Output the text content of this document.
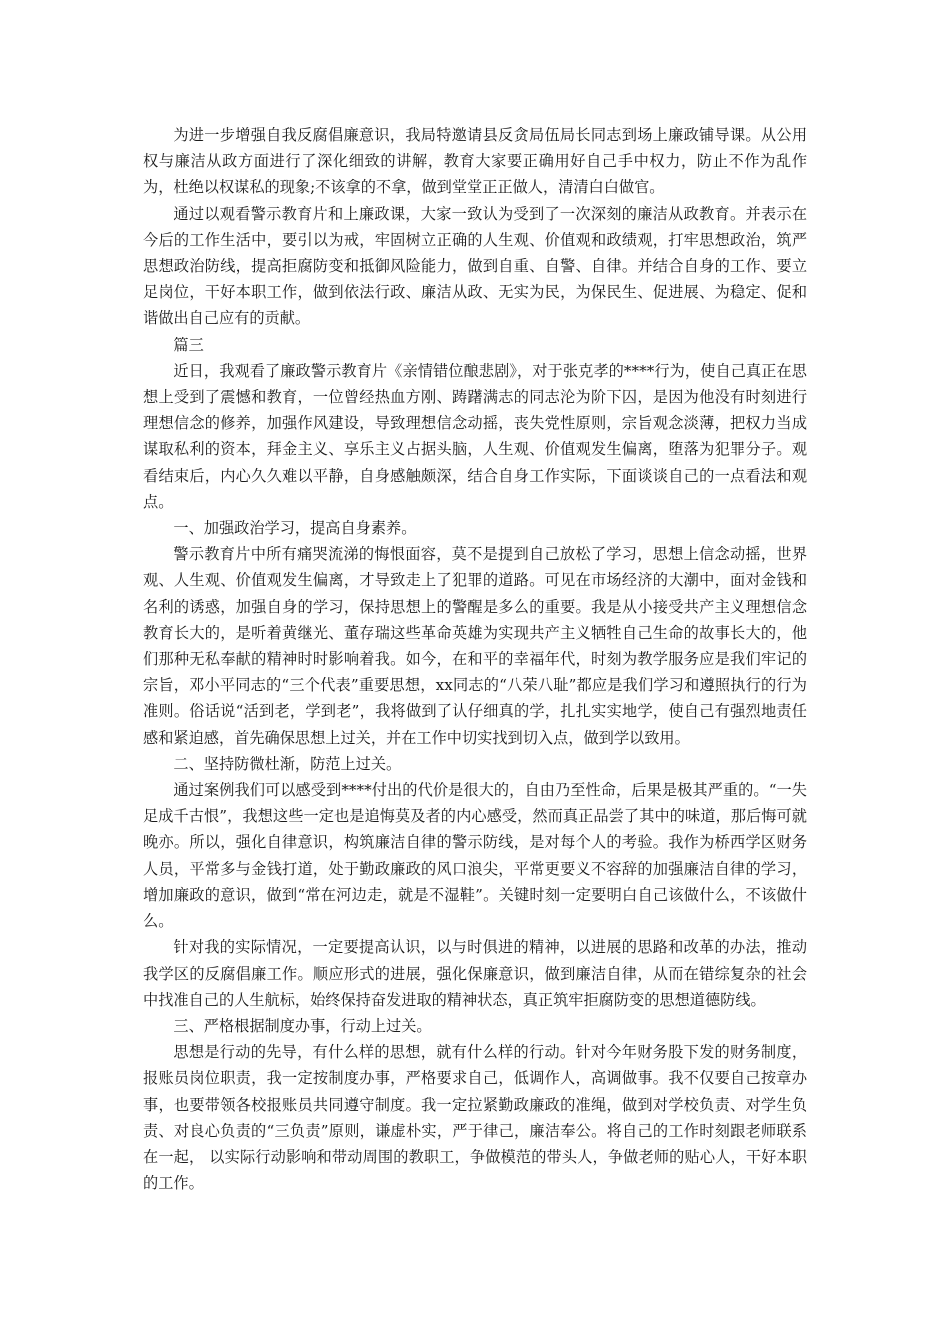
为进一步增强自我反腐倡廉意识，我局特邀请县反贪局伍局长同志到场上廉政铺导课。从公用权与廉洁从政方面进行了深化细致的讲解，教育大家要正确用好自己手中权力，防止不作为乱作为，杜绝以权谋私的现象;不该拿的不拿，做到堂堂正正做人，清清白白做官。

通过以观看警示教育片和上廉政课，大家一致认为受到了一次深刻的廉洁从政教育。并表示在今后的工作生活中，要引以为戒，牢固树立正确的人生观、价值观和政绩观，打牢思想政治，筑严思想政治防线，提高拒腐防变和抵御风险能力，做到自重、自警、自律。并结合自身的工作、要立足岗位，干好本职工作，做到依法行政、廉洁从政、无实为民，为保民生、促进展、为稳定、促和谐做出自己应有的贡献。

篇三

近日，我观看了廉政警示教育片《亲情错位酿悲剧》，对于张克孝的****行为，使自己真正在思想上受到了震憾和教育，一位曾经热血方刚、踌躇满志的同志沦为阶下囚，是因为他没有时刻进行理想信念的修养，加强作风建设，导致理想信念动摇，丧失党性原则，宗旨观念淡薄，把权力当成谋取私利的资本，拜金主义、享乐主义占据头脑，人生观、价值观发生偏离，堕落为犯罪分子。观看结束后，内心久久难以平静，自身感触颇深，结合自身工作实际，下面谈谈自己的一点看法和观点。

一、加强政治学习，提高自身素养。

警示教育片中所有痛哭流涕的悔恨面容，莫不是提到自己放松了学习，思想上信念动摇，世界观、人生观、价值观发生偏离，才导致走上了犯罪的道路。可见在市场经济的大潮中，面对金钱和名利的诱惑，加强自身的学习，保持思想上的警醒是多么的重要。我是从小接受共产主义理想信念教育长大的，是听着黄继光、董存瑞这些革命英雄为实现共产主义牺牲自己生命的故事长大的，他们那种无私奉献的精神时时影响着我。如今，在和平的幸福年代，时刻为教学服务应是我们牢记的宗旨，邓小平同志的“三个代表”重要思想，xx同志的“八荣八耻”都应是我们学习和遵照执行的行为准则。俗话说“活到老，学到老”，我将做到了认仔细真的学，扎扎实实地学，使自己有强烈地责任感和紧迫感，首先确保思想上过关，并在工作中切实找到切入点，做到学以致用。

二、坚持防微杜渐，防范上过关。

通过案例我们可以感受到****付出的代价是很大的，自由乃至性命，后果是极其严重的。“一失足成千古恨”，我想这些一定也是追悔莫及者的内心感受，然而真正品尝了其中的味道，那后悔可就晚亦。所以，强化自律意识，构筑廉洁自律的警示防线，是对每个人的考验。我作为桥西学区财务人员，平常多与金钱打道，处于勤政廉政的风口浪尖，平常更要义不容辞的加强廉洁自律的学习，增加廉政的意识，做到“常在河边走，就是不湿鞋”。关键时刻一定要明白自己该做什么，不该做什么。

针对我的实际情况，一定要提高认识，以与时俱进的精神，以进展的思路和改革的办法，推动我学区的反腐倡廉工作。顺应形式的进展，强化保廉意识，做到廉洁自律，从而在错综复杂的社会中找准自己的人生航标，始终保持奋发进取的精神状态，真正筑牢拒腐防变的思想道德防线。

三、严格根据制度办事，行动上过关。

思想是行动的先导，有什么样的思想，就有什么样的行动。针对今年财务股下发的财务制度，报账员岗位职责，我一定按制度办事，严格要求自己，低调作人，高调做事。我不仅要自己按章办事，也要带领各校报账员共同遵守制度。我一定拉紧勤政廉政的准绳，做到对学校负责、对学生负责、对良心负责的“三负责”原则，谦虚朴实，严于律己，廉洁奉公。将自己的工作时刻跟老师联系在一起， 以实际行动影响和带动周围的教职工，争做模范的带头人，争做老师的贴心人，干好本职的工作。
